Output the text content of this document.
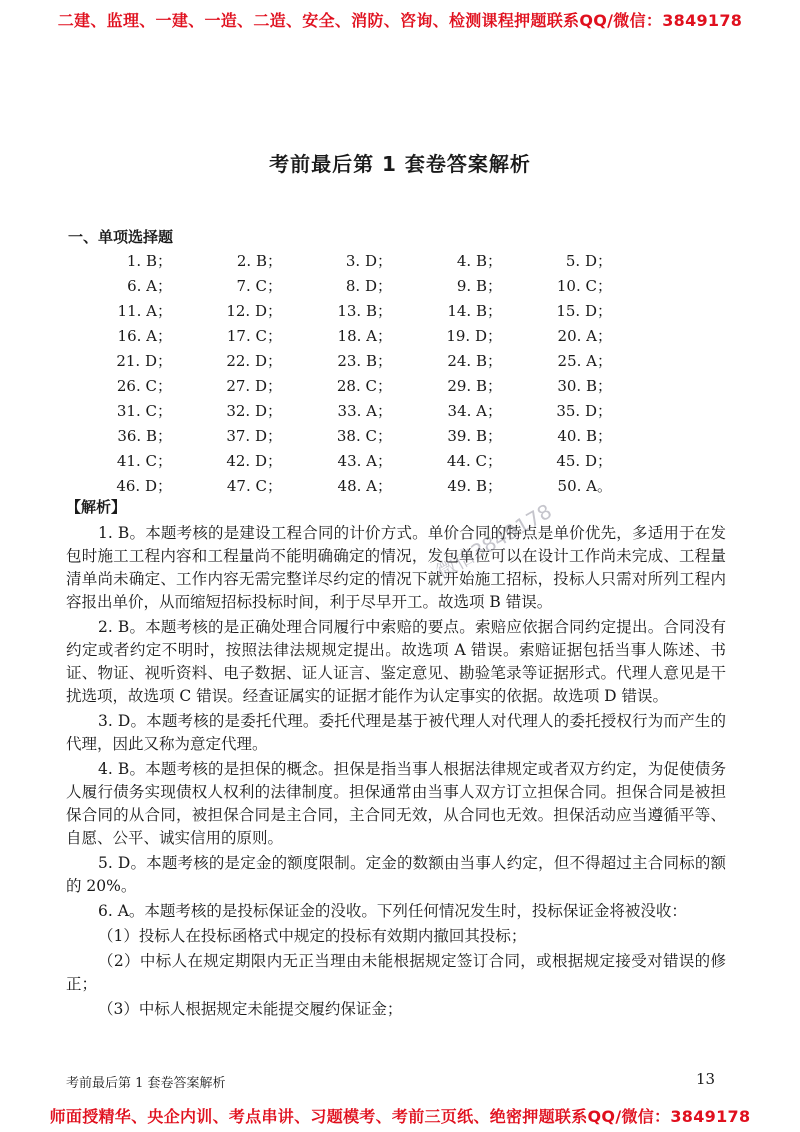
二建、监理、一建、一造、二造、安全、消防、咨询、检测课程押题联系QQ/微信：3849178
考前最后第 1 套卷答案解析
一、单项选择题
1. B；	2. B；	3. D；	4. B；	5. D；
6. A；	7. C；	8. D；	9. B；	10. C；
11. A；	12. D；	13. B；	14. B；	15. D；
16. A；	17. C；	18. A；	19. D；	20. A；
21. D；	22. D；	23. B；	24. B；	25. A；
26. C；	27. D；	28. C；	29. B；	30. B；
31. C；	32. D；	33. A；	34. A；	35. D；
36. B；	37. D；	38. C；	39. B；	40. B；
41. C；	42. D；	43. A；	44. C；	45. D；
46. D；	47. C；	48. A；	49. B；	50. A。
【解析】

1. B。本题考核的是建设工程合同的计价方式。单价合同的特点是单价优先，多适用于在发包时施工工程内容和工程量尚不能明确确定的情况，发包单位可以在设计工作尚未完成、工程量清单尚未确定、工作内容无需完整详尽约定的情况下就开始施工招标，投标人只需对所列工程内容报出单价，从而缩短招标投标时间，利于尽早开工。故选项 B 错误。

2. B。本题考核的是正确处理合同履行中索赔的要点。索赔应依据合同约定提出。合同没有约定或者约定不明时，按照法律法规规定提出。故选项 A 错误。索赔证据包括当事人陈述、书证、物证、视听资料、电子数据、证人证言、鉴定意见、勘验笔录等证据形式。代理人意见是干扰选项，故选项 C 错误。经查证属实的证据才能作为认定事实的依据。故选项 D 错误。

3. D。本题考核的是委托代理。委托代理是基于被代理人对代理人的委托授权行为而产生的代理，因此又称为意定代理。

4. B。本题考核的是担保的概念。担保是指当事人根据法律规定或者双方约定，为促使债务人履行债务实现债权人权利的法律制度。担保通常由当事人双方订立担保合同。担保合同是被担保合同的从合同，被担保合同是主合同，主合同无效，从合同也无效。担保活动应当遵循平等、自愿、公平、诚实信用的原则。

5. D。本题考核的是定金的额度限制。定金的数额由当事人约定，但不得超过主合同标的额的 20%。

6. A。本题考核的是投标保证金的没收。下列任何情况发生时，投标保证金将被没收：

（1）投标人在投标函格式中规定的投标有效期内撤回其投标；

（2）中标人在规定期限内无正当理由未能根据规定签订合同，或根据规定接受对错误的修正；

（3）中标人根据规定未能提交履约保证金；

微信3849178
考前最后第 1 套卷答案解析	13
师面授精华、央企内训、考点串讲、习题模考、考前三页纸、绝密押题联系QQ/微信：3849178
